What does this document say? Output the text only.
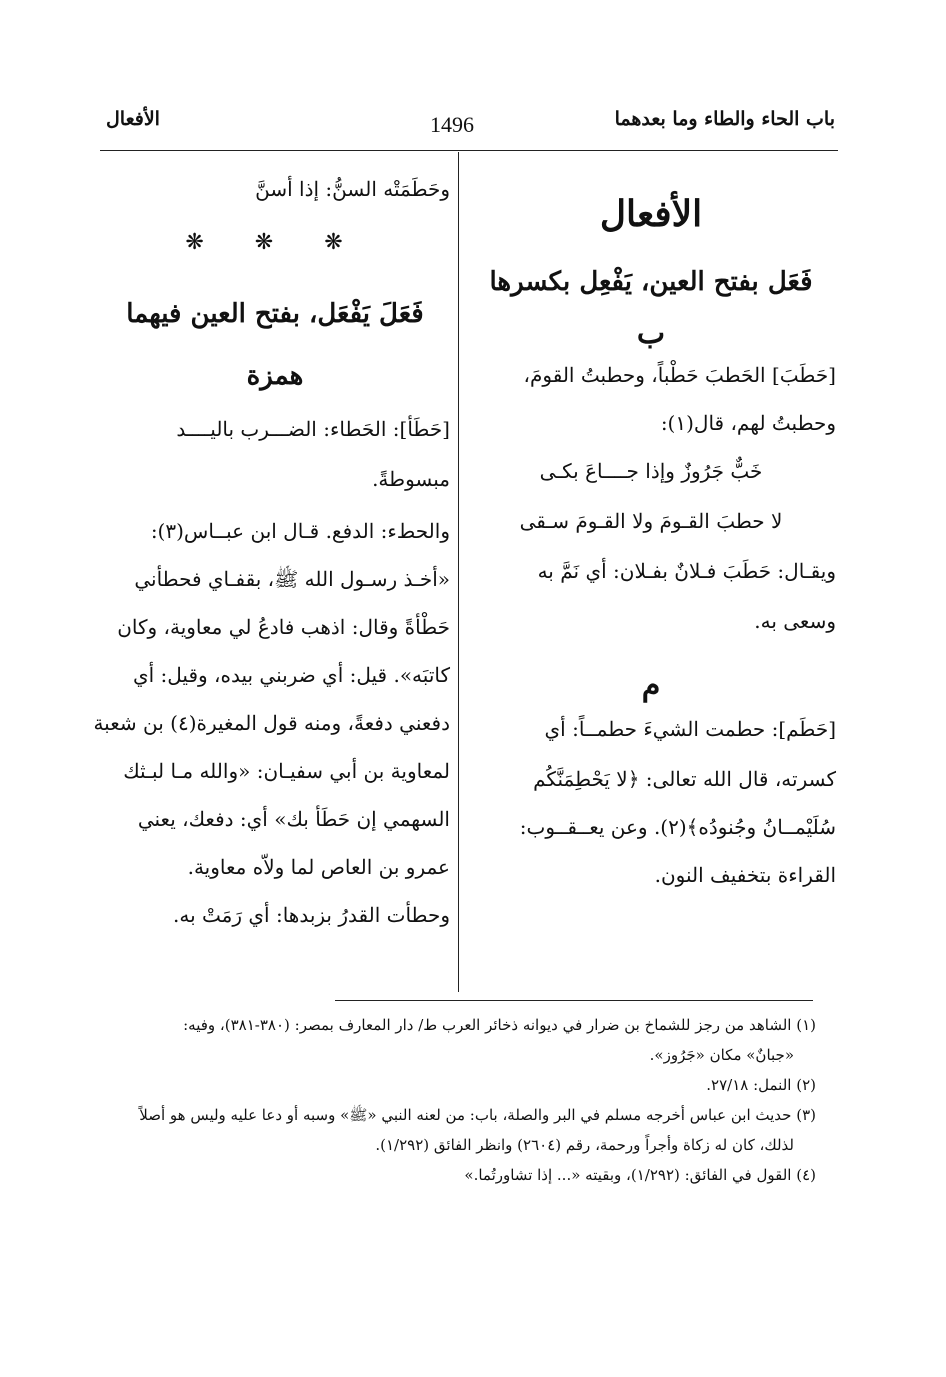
باب الحاء والطاء وما بعدهما
1496
الأفعال
الأفعال
فَعَل بفتح العين، يَفْعِل بكسرها
ب
[حَطَبَ] الحَطبَ حَطْباً، وحطبتُ القومَ،
وحطبتُ لهم، قال(١):
خَبٌّ جَرُوزٌ وإذا جــــاعَ بكـى
لا حطبَ القـومَ ولا القـومَ سـقى
ويقـال: حَطَبَ فـلانٌ بفـلان: أي نَمَّ به
وسعى به.
م
[حَطَم]: حطمت الشيءَ حطمــاً: أي
كسرته، قال الله تعالى: ﴿لا يَحْطِمَنَّكُم
سُلَيْمــانُ وجُنودُه﴾(٢). وعن يعــقــوب:
القراءة بتخفيف النون.
وحَطَمَتْه السنُّ: إذا أسنَّ
❋ ❋ ❋
فَعَلَ يَفْعَل، بفتح العين فيهما
همزة
[حَطَأ]: الحَطاء: الضـــرب باليــــد
مبسوطةً.
والحطء: الدفع. قـال ابن عبــاس(٣):
«أخـذ رسـول الله ﷺ، بقفـاي فحطأني
حَطْأةً وقال: اذهب فادعُ لي معاوية، وكان
كاتبَه». قيل: أي ضربني بيده، وقيل: أي
دفعني دفعةً، ومنه قول المغيرة(٤) بن شعبة
لمعاوية بن أبي سفيـان: «والله مـا لبـثك
السهمي إن حَطَأ بك» أي: دفعك، يعني
عمرو بن العاص لما ولاّه معاوية.
وحطأت القدرُ بزبدها: أي رَمَتْ به.
(١) الشاهد من رجز للشماخ بن ضرار في ديوانه ذخائر العرب ط/ دار المعارف بمصر: (٣٨٠-٣٨١)، وفيه:
«جبانٌ» مكان «جَرُوز».
(٢) النمل: ٢٧/١٨.
(٣) حديث ابن عباس أخرجه مسلم في البر والصلة، باب: من لعنه النبي «ﷺ» وسبه أو دعا عليه وليس هو أصلاً
لذلك، كان له زكاة وأجراً ورحمة، رقم (٢٦٠٤) وانظر الفائق (١/٢٩٢).
(٤) القول في الفائق: (١/٢٩٢)، وبقيته «... إذا تشاورتُما.»
